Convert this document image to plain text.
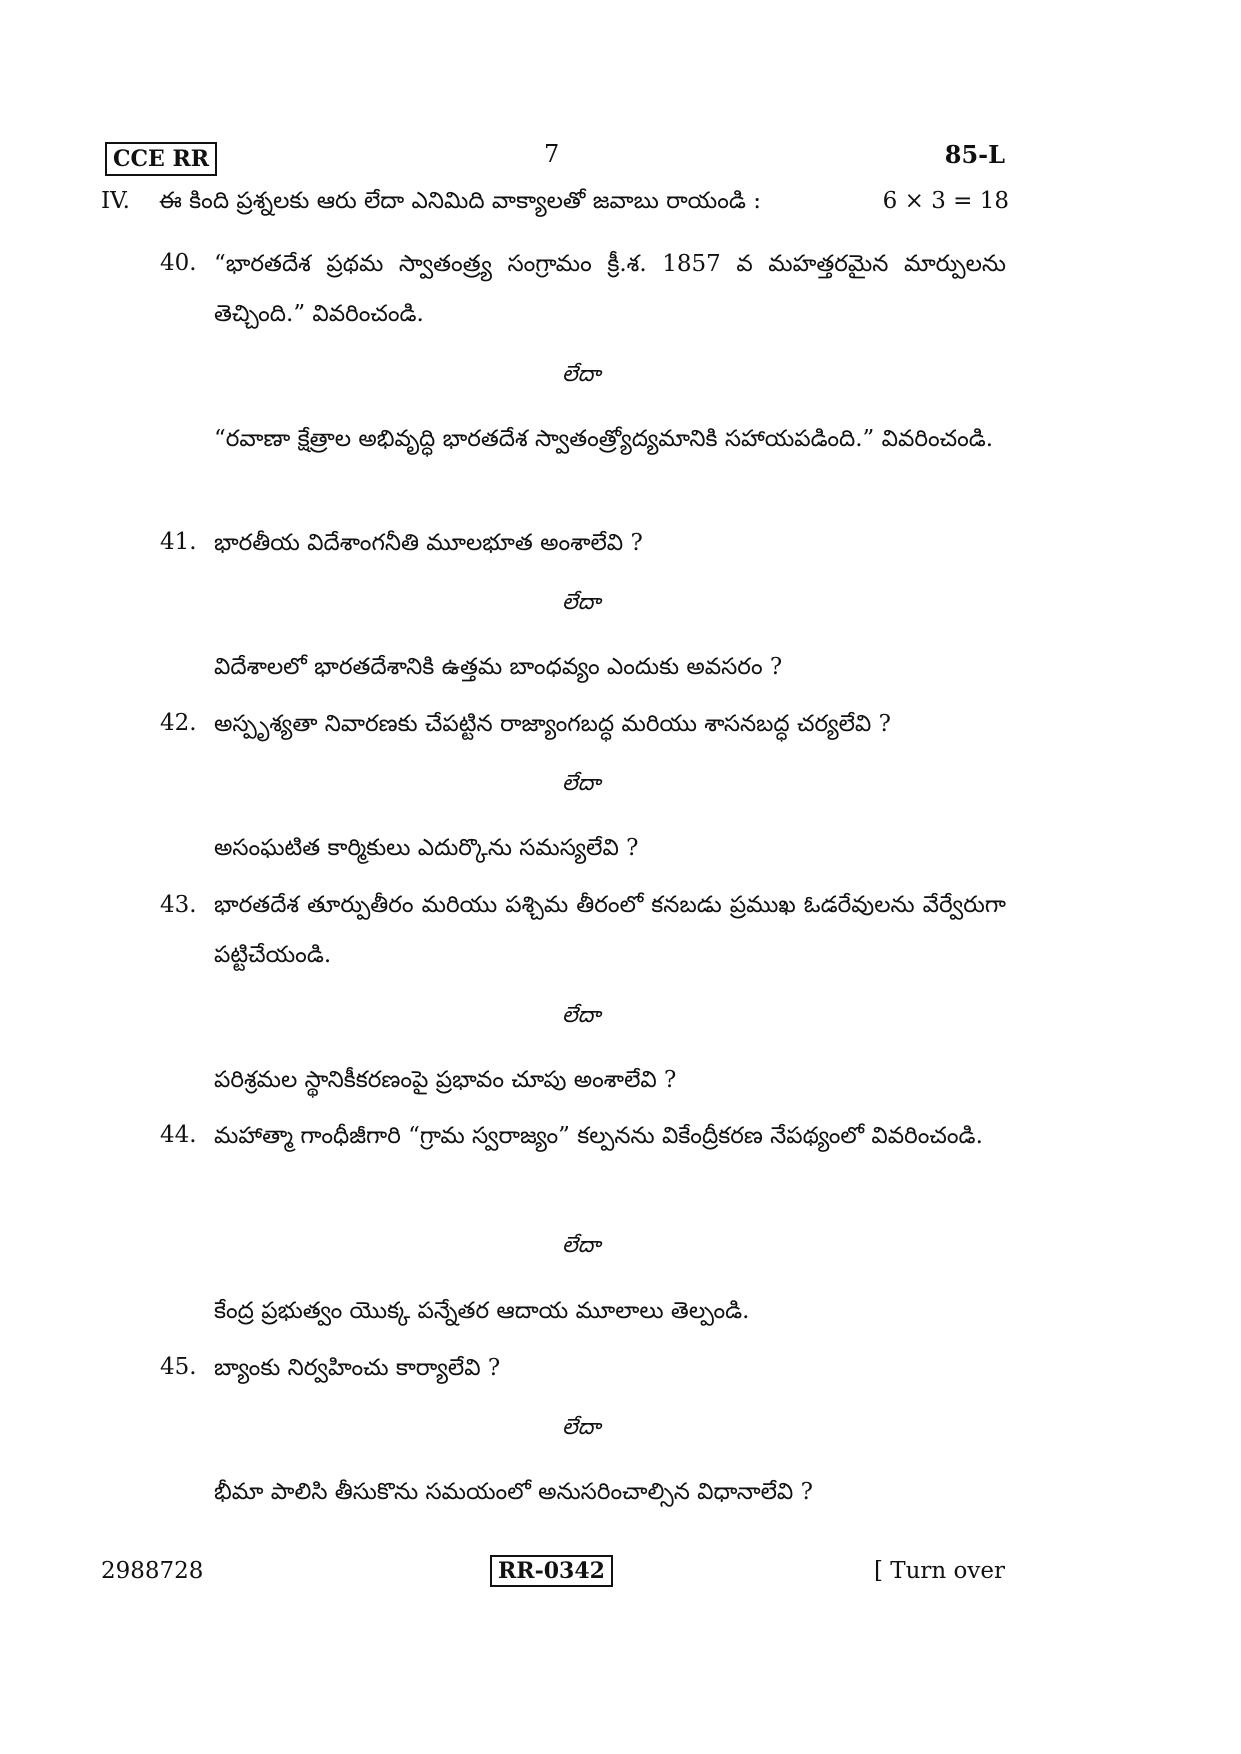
CCE RR	7	85-L
IV. ఈ కింది ప్రశ్నలకు ఆరు లేదా ఎనిమిది వాక్యాలతో జవాబు రాయండి :	6 × 3 = 18
40. “భారతదేశ ప్రథమ స్వాతంత్ర్య సంగ్రామం క్రీ.శ. 1857 వ మహత్తరమైన మార్పులను తెచ్చింది.” వివరించండి.
లేదా
“రవాణా క్షేత్రాల అభివృద్ధి భారతదేశ స్వాతంత్ర్యోద్యమానికి సహాయపడింది.” వివరించండి.
41. భారతీయ విదేశాంగనీతి మూలభూత అంశాలేవి ?
లేదా
విదేశాలలో భారతదేశానికి ఉత్తమ బాంధవ్యం ఎందుకు అవసరం ?
42. అస్పృశ్యతా నివారణకు చేపట్టిన రాజ్యాంగబద్ధ మరియు శాసనబద్ధ చర్యలేవి ?
లేదా
అసంఘటిత కార్మికులు ఎదుర్కొను సమస్యలేవి ?
43. భారతదేశ తూర్పుతీరం మరియు పశ్చిమ తీరంలో కనబడు ప్రముఖ ఓడరేవులను వేర్వేరుగా పట్టిచేయండి.
లేదా
పరిశ్రమల స్థానికీకరణంపై ప్రభావం చూపు అంశాలేవి ?
44. మహాత్మా గాంధీజీగారి “గ్రామ స్వరాజ్యం” కల్పనను వికేంద్రీకరణ నేపథ్యంలో వివరించండి.
లేదా
కేంద్ర ప్రభుత్వం యొక్క పన్నేతర ఆదాయ మూలాలు తెల్పండి.
45. బ్యాంకు నిర్వహించు కార్యాలేవి ?
లేదా
భీమా పాలిసి తీసుకొను సమయంలో అనుసరించాల్సిన విధానాలేవి ?
2988728	RR-0342	[ Turn over
